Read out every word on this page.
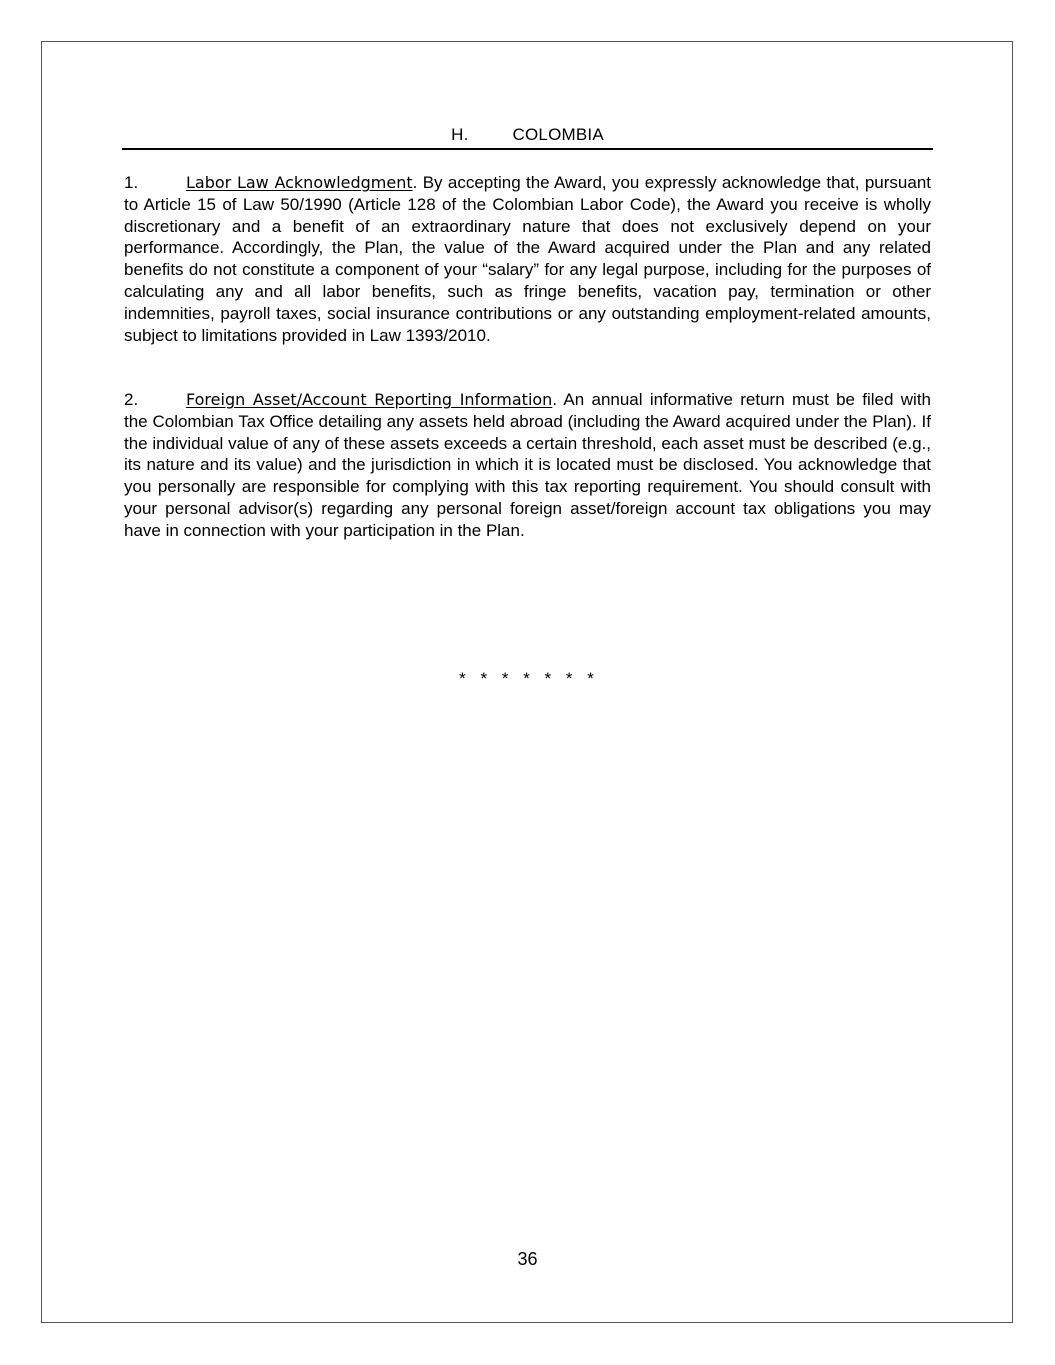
H.	COLOMBIA

1.	Labor Law Acknowledgment. By accepting the Award, you expressly acknowledge that, pursuant to Article 15 of Law 50/1990 (Article 128 of the Colombian Labor Code), the Award you receive is wholly discretionary and a benefit of an extraordinary nature that does not exclusively depend on your performance. Accordingly, the Plan, the value of the Award acquired under the Plan and any related benefits do not constitute a component of your “salary” for any legal purpose, including for the purposes of calculating any and all labor benefits, such as fringe benefits, vacation pay, termination or other indemnities, payroll taxes, social insurance contributions or any outstanding employment-related amounts, subject to limitations provided in Law 1393/2010.

2.	Foreign Asset/Account Reporting Information. An annual informative return must be filed with the Colombian Tax Office detailing any assets held abroad (including the Award acquired under the Plan). If the individual value of any of these assets exceeds a certain threshold, each asset must be described (e.g., its nature and its value) and the jurisdiction in which it is located must be disclosed. You acknowledge that you personally are responsible for complying with this tax reporting requirement. You should consult with your personal advisor(s) regarding any personal foreign asset/foreign account tax obligations you may have in connection with your participation in the Plan.

* * * * * * *
36
